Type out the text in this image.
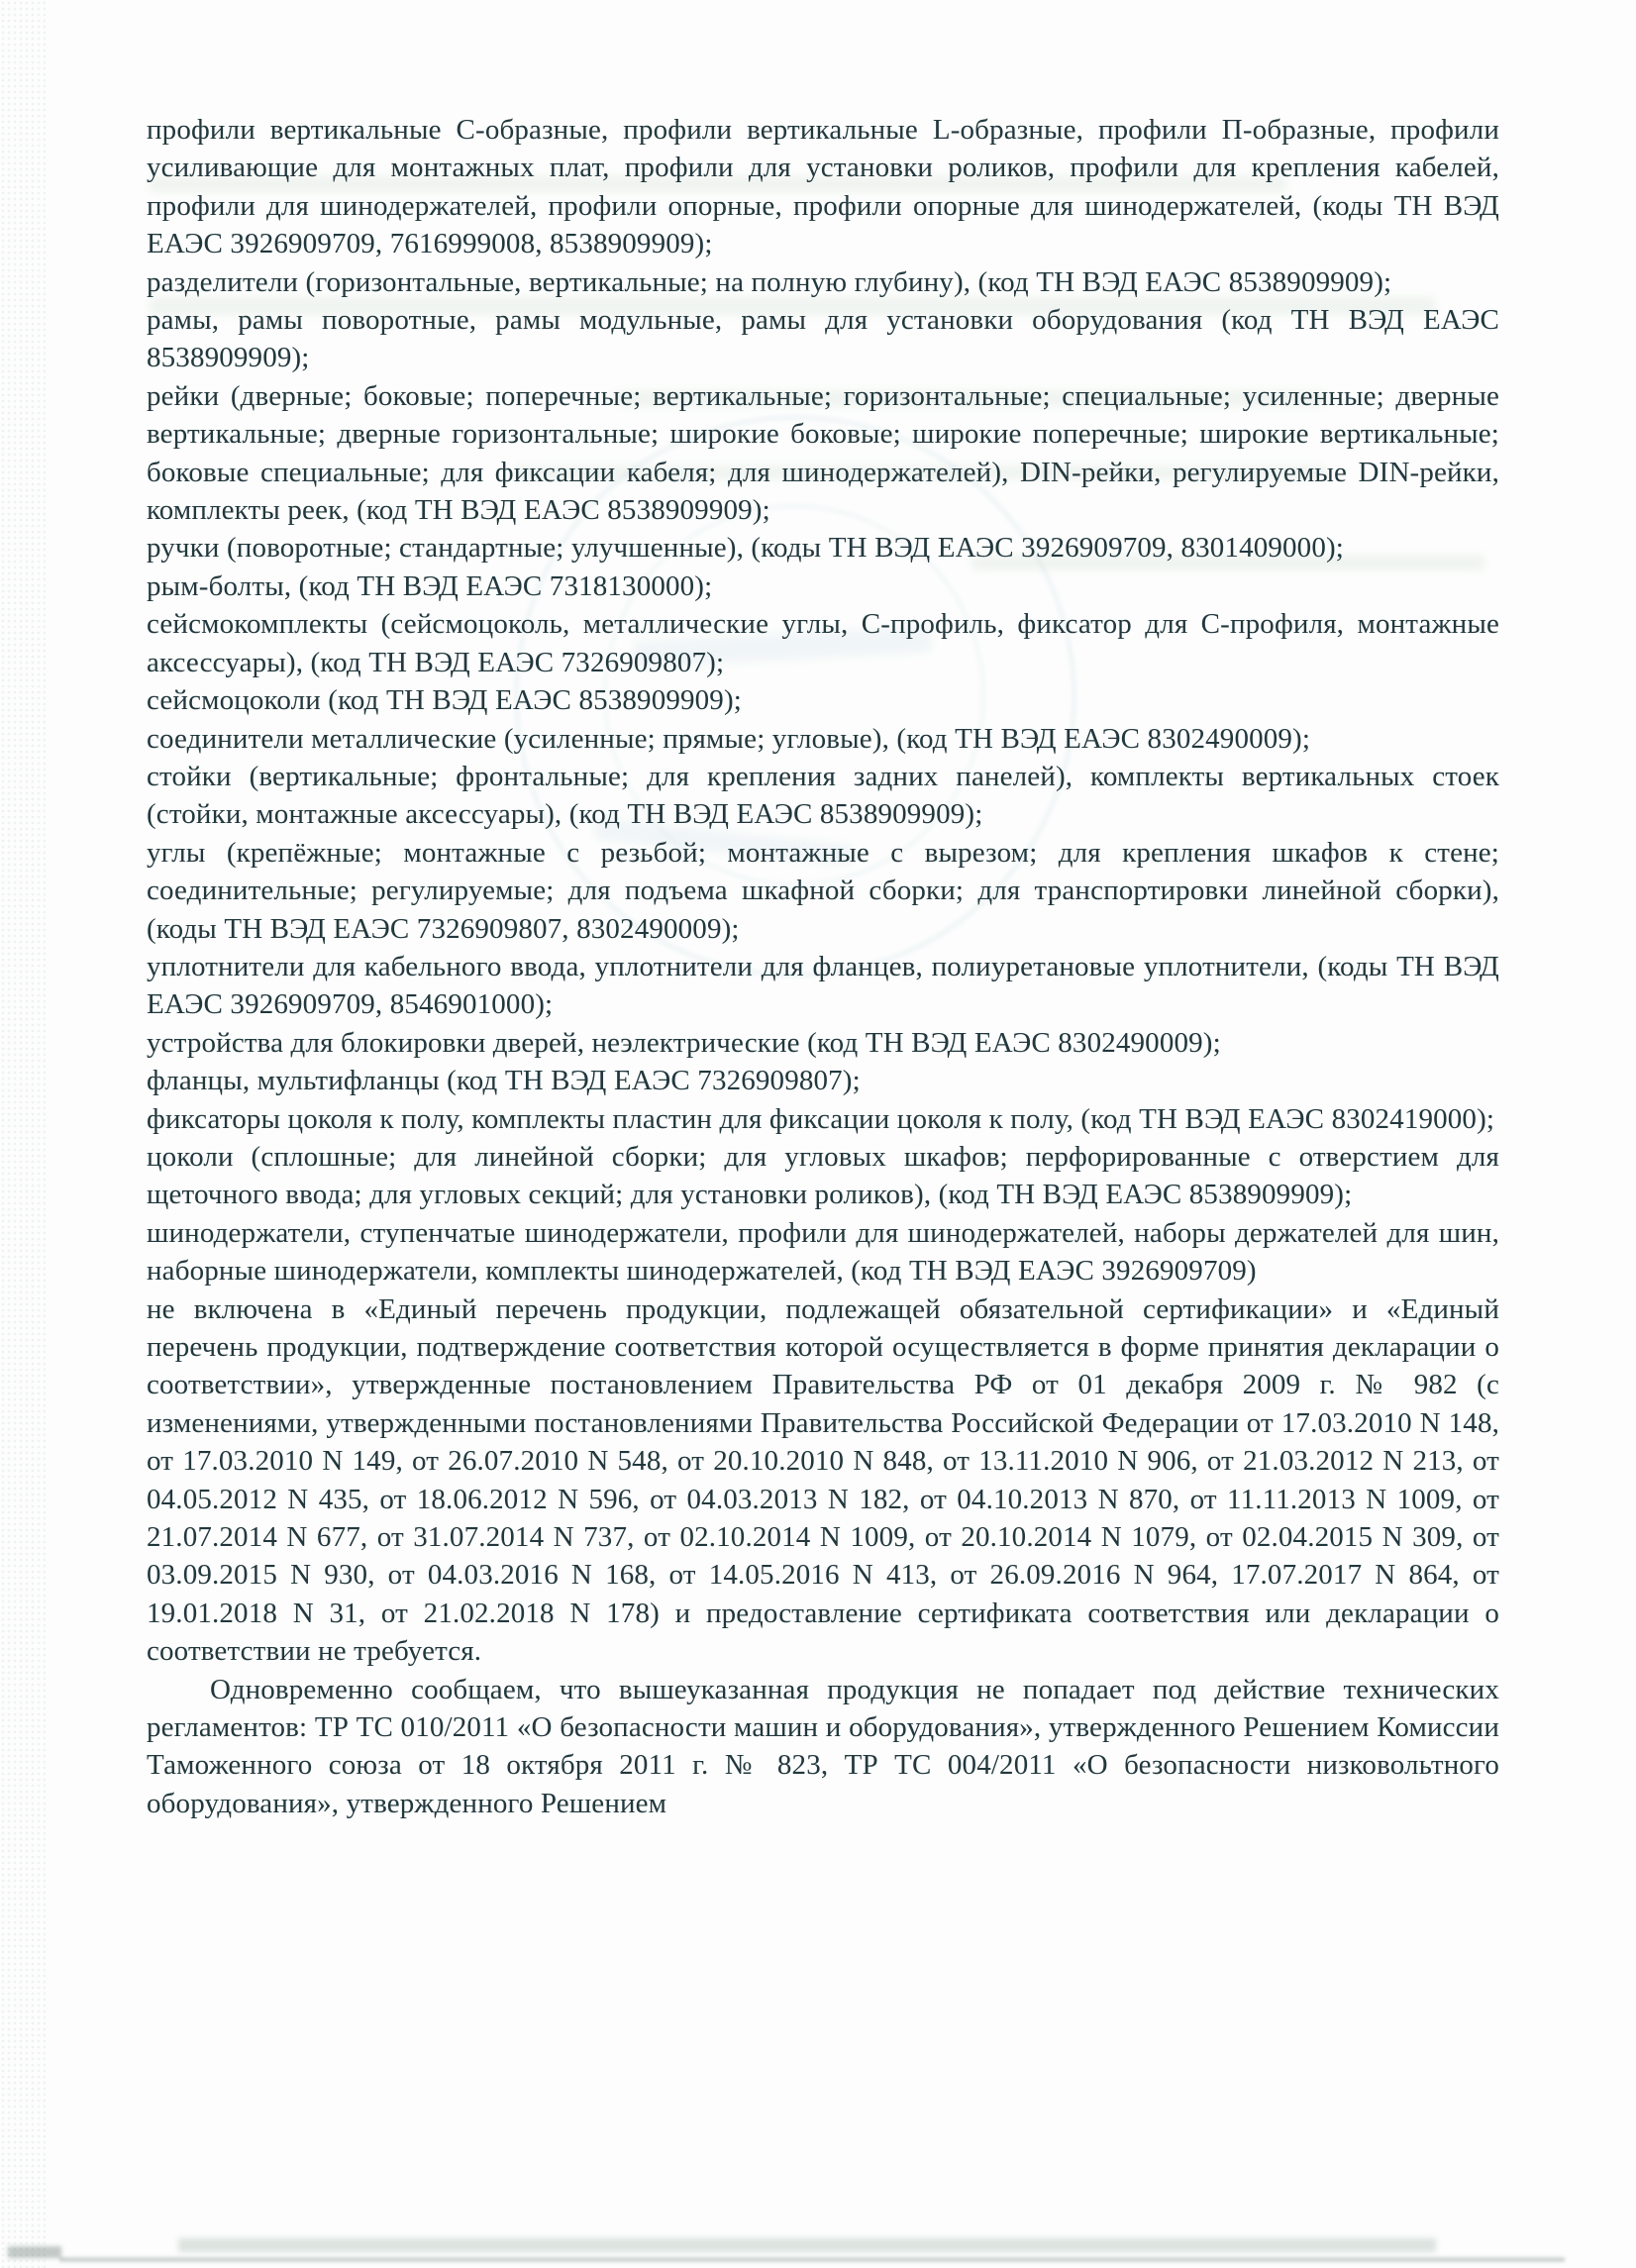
профили вертикальные С-образные, профили вертикальные L-образные, профили П-образные, профили усиливающие для монтажных плат, профили для установки роликов, профили для крепления кабелей, профили для шинодержателей, профили опорные, профили опорные для шинодержателей, (коды ТН ВЭД ЕАЭС 3926909709, 7616999008, 8538909909);

разделители (горизонтальные, вертикальные; на полную глубину), (код ТН ВЭД ЕАЭС 8538909909);

рамы, рамы поворотные, рамы модульные, рамы для установки оборудования (код ТН ВЭД ЕАЭС 8538909909);

рейки (дверные; боковые; поперечные; вертикальные; горизонтальные; специальные; усиленные; дверные вертикальные; дверные горизонтальные; широкие боковые; широкие поперечные; широкие вертикальные; боковые специальные; для фиксации кабеля; для шинодержателей), DIN-рейки, регулируемые DIN-рейки, комплекты реек, (код ТН ВЭД ЕАЭС 8538909909);

ручки (поворотные; стандартные; улучшенные), (коды ТН ВЭД ЕАЭС 3926909709, 8301409000);

рым-болты, (код ТН ВЭД ЕАЭС 7318130000);

сейсмокомплекты (сейсмоцоколь, металлические углы, С-профиль, фиксатор для С-профиля, монтажные аксессуары), (код ТН ВЭД ЕАЭС 7326909807);

сейсмоцоколи (код ТН ВЭД ЕАЭС 8538909909);

соединители металлические (усиленные; прямые; угловые), (код ТН ВЭД ЕАЭС 8302490009);

стойки (вертикальные; фронтальные; для крепления задних панелей), комплекты вертикальных стоек (стойки, монтажные аксессуары), (код ТН ВЭД ЕАЭС 8538909909);

углы (крепёжные; монтажные с резьбой; монтажные с вырезом; для крепления шкафов к стене; соединительные; регулируемые; для подъема шкафной сборки; для транспортировки линейной сборки), (коды ТН ВЭД ЕАЭС 7326909807, 8302490009);

уплотнители для кабельного ввода, уплотнители для фланцев, полиуретановые уплотнители, (коды ТН ВЭД ЕАЭС 3926909709, 8546901000);

устройства для блокировки дверей, неэлектрические (код ТН ВЭД ЕАЭС 8302490009);

фланцы, мультифланцы (код ТН ВЭД ЕАЭС 7326909807);

фиксаторы цоколя к полу, комплекты пластин для фиксации цоколя к полу, (код ТН ВЭД ЕАЭС 8302419000);

цоколи (сплошные; для линейной сборки; для угловых шкафов; перфорированные с отверстием для щеточного ввода; для угловых секций; для установки роликов), (код ТН ВЭД ЕАЭС 8538909909);

шинодержатели, ступенчатые шинодержатели, профили для шинодержателей, наборы держателей для шин, наборные шинодержатели, комплекты шинодержателей, (код ТН ВЭД ЕАЭС 3926909709)

не включена в «Единый перечень продукции, подлежащей обязательной сертификации» и «Единый перечень продукции, подтверждение соответствия которой осуществляется в форме принятия декларации о соответствии», утвержденные постановлением Правительства РФ от 01 декабря 2009 г. № 982 (с изменениями, утвержденными постановлениями Правительства Российской Федерации от 17.03.2010 N 148, от 17.03.2010 N 149, от 26.07.2010 N 548, от 20.10.2010 N 848, от 13.11.2010 N 906, от 21.03.2012 N 213, от 04.05.2012 N 435, от 18.06.2012 N 596, от 04.03.2013 N 182, от 04.10.2013 N 870, от 11.11.2013 N 1009, от 21.07.2014 N 677, от 31.07.2014 N 737, от 02.10.2014 N 1009, от 20.10.2014 N 1079, от 02.04.2015 N 309, от 03.09.2015 N 930, от 04.03.2016 N 168, от 14.05.2016 N 413, от 26.09.2016 N 964, 17.07.2017 N 864, от 19.01.2018 N 31, от 21.02.2018 N 178) и предоставление сертификата соответствия или декларации о соответствии не требуется.

Одновременно сообщаем, что вышеуказанная продукция не попадает под действие технических регламентов: ТР ТС 010/2011 «О безопасности машин и оборудования», утвержденного Решением Комиссии Таможенного союза от 18 октября 2011 г. № 823, ТР ТС 004/2011 «О безопасности низковольтного оборудования», утвержденного Решением
